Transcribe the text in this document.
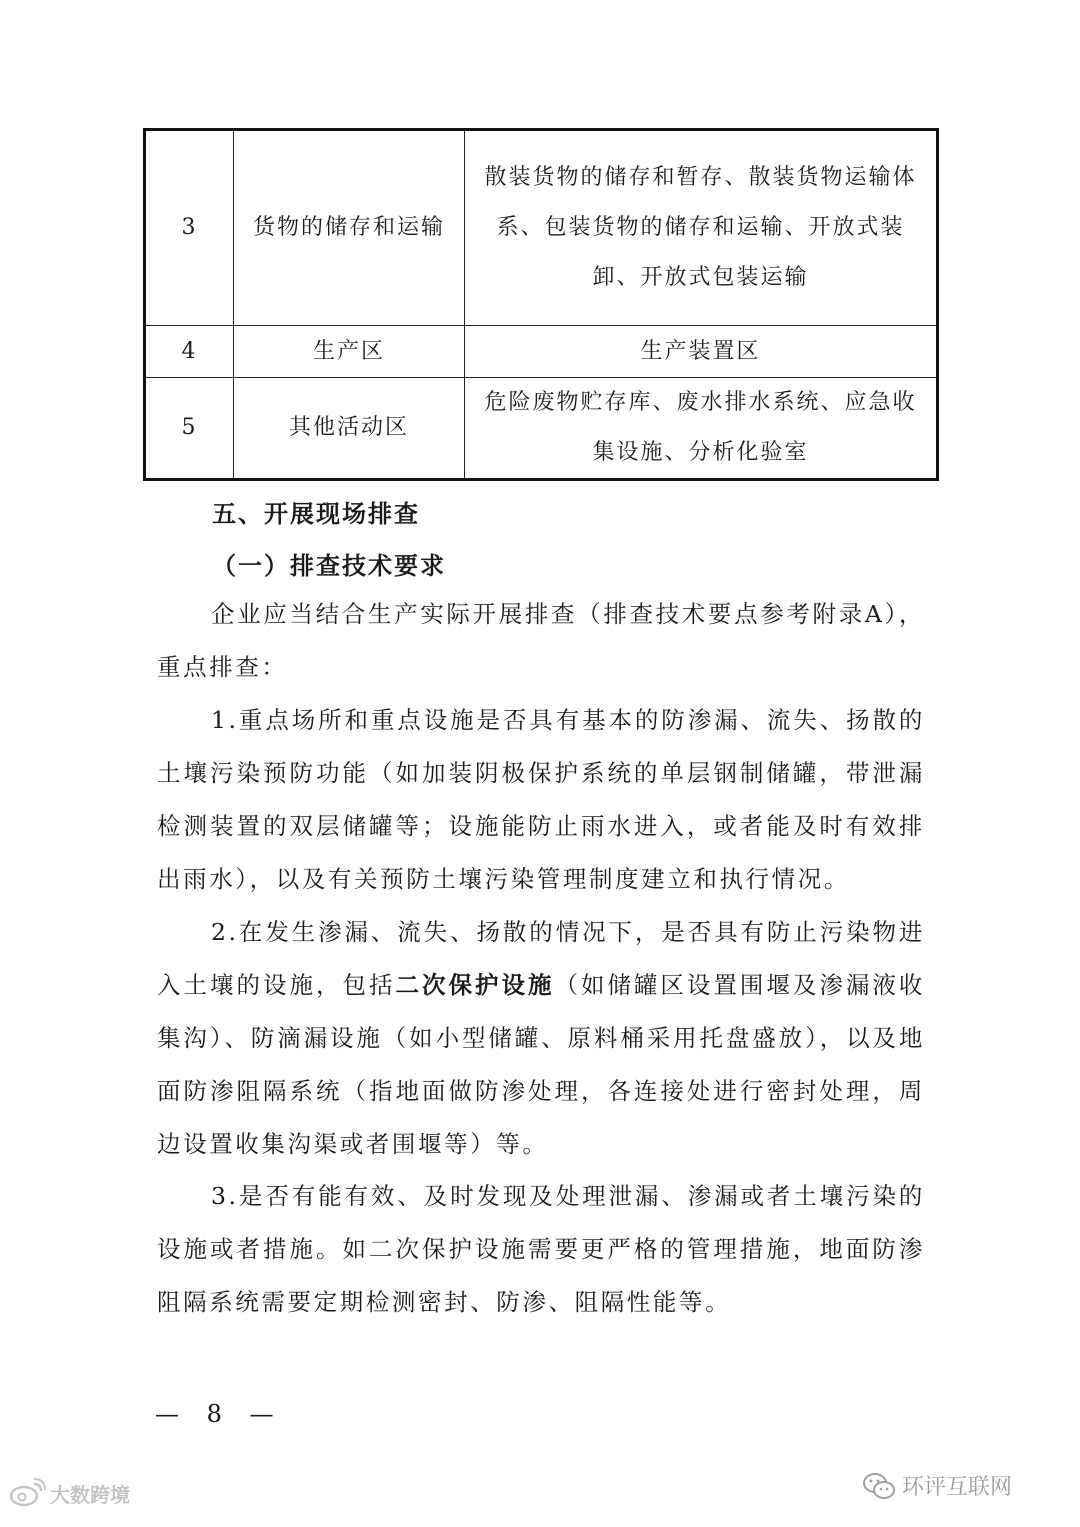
3	货物的储存和运输	散装货物的储存和暂存、散装货物运输体系、包装货物的储存和运输、开放式装卸、开放式包装运输
4	生产区	生产装置区
5	其他活动区	危险废物贮存库、废水排水系统、应急收集设施、分析化验室
五、开展现场排查
（一）排查技术要求

企业应当结合生产实际开展排查（排查技术要点参考附录A），重点排查：

1.重点场所和重点设施是否具有基本的防渗漏、流失、扬散的土壤污染预防功能（如加装阴极保护系统的单层钢制储罐，带泄漏检测装置的双层储罐等；设施能防止雨水进入，或者能及时有效排出雨水），以及有关预防土壤污染管理制度建立和执行情况。

2.在发生渗漏、流失、扬散的情况下，是否具有防止污染物进入土壤的设施，包括二次保护设施（如储罐区设置围堰及渗漏液收集沟）、防滴漏设施（如小型储罐、原料桶采用托盘盛放），以及地面防渗阻隔系统（指地面做防渗处理，各连接处进行密封处理，周边设置收集沟渠或者围堰等）等。

3.是否有能有效、及时发现及处理泄漏、渗漏或者土壤污染的设施或者措施。如二次保护设施需要更严格的管理措施，地面防渗阻隔系统需要定期检测密封、防渗、阻隔性能等。

— 8 —
大数跨境	环评互联网
